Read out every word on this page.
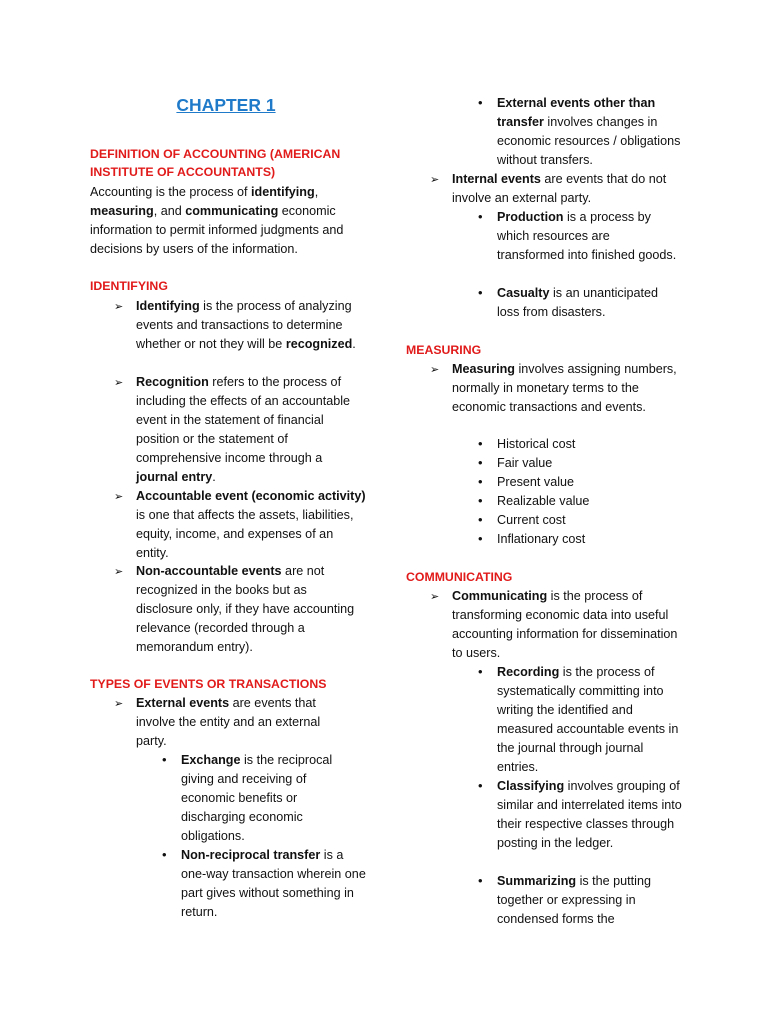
CHAPTER 1

DEFINITION OF ACCOUNTING (AMERICAN INSTITUTE OF ACCOUNTANTS)

Accounting is the process of identifying, measuring, and communicating economic information to permit informed judgments and decisions by users of the information.

IDENTIFYING

➢ Identifying is the process of analyzing events and transactions to determine whether or not they will be recognized.
➢ Recognition refers to the process of including the effects of an accountable event in the statement of financial position or the statement of comprehensive income through a journal entry.
➢ Accountable event (economic activity) is one that affects the assets, liabilities, equity, income, and expenses of an entity.
➢ Non-accountable events are not recognized in the books but as disclosure only, if they have accounting relevance (recorded through a memorandum entry).

TYPES OF EVENTS OR TRANSACTIONS

➢ External events are events that involve the entity and an external party.
• Exchange is the reciprocal giving and receiving of economic benefits or discharging economic obligations.
• Non-reciprocal transfer is a one-way transaction wherein one part gives without something in return.
• External events other than transfer involves changes in economic resources / obligations without transfers.
➢ Internal events are events that do not involve an external party.
• Production is a process by which resources are transformed into finished goods.
• Casualty is an unanticipated loss from disasters.

MEASURING

➢ Measuring involves assigning numbers, normally in monetary terms to the economic transactions and events.
• Historical cost
• Fair value
• Present value
• Realizable value
• Current cost
• Inflationary cost

COMMUNICATING

➢ Communicating is the process of transforming economic data into useful accounting information for dissemination to users.
• Recording is the process of systematically committing into writing the identified and measured accountable events in the journal through journal entries.
• Classifying involves grouping of similar and interrelated items into their respective classes through posting in the ledger.
• Summarizing is the putting together or expressing in condensed forms the
